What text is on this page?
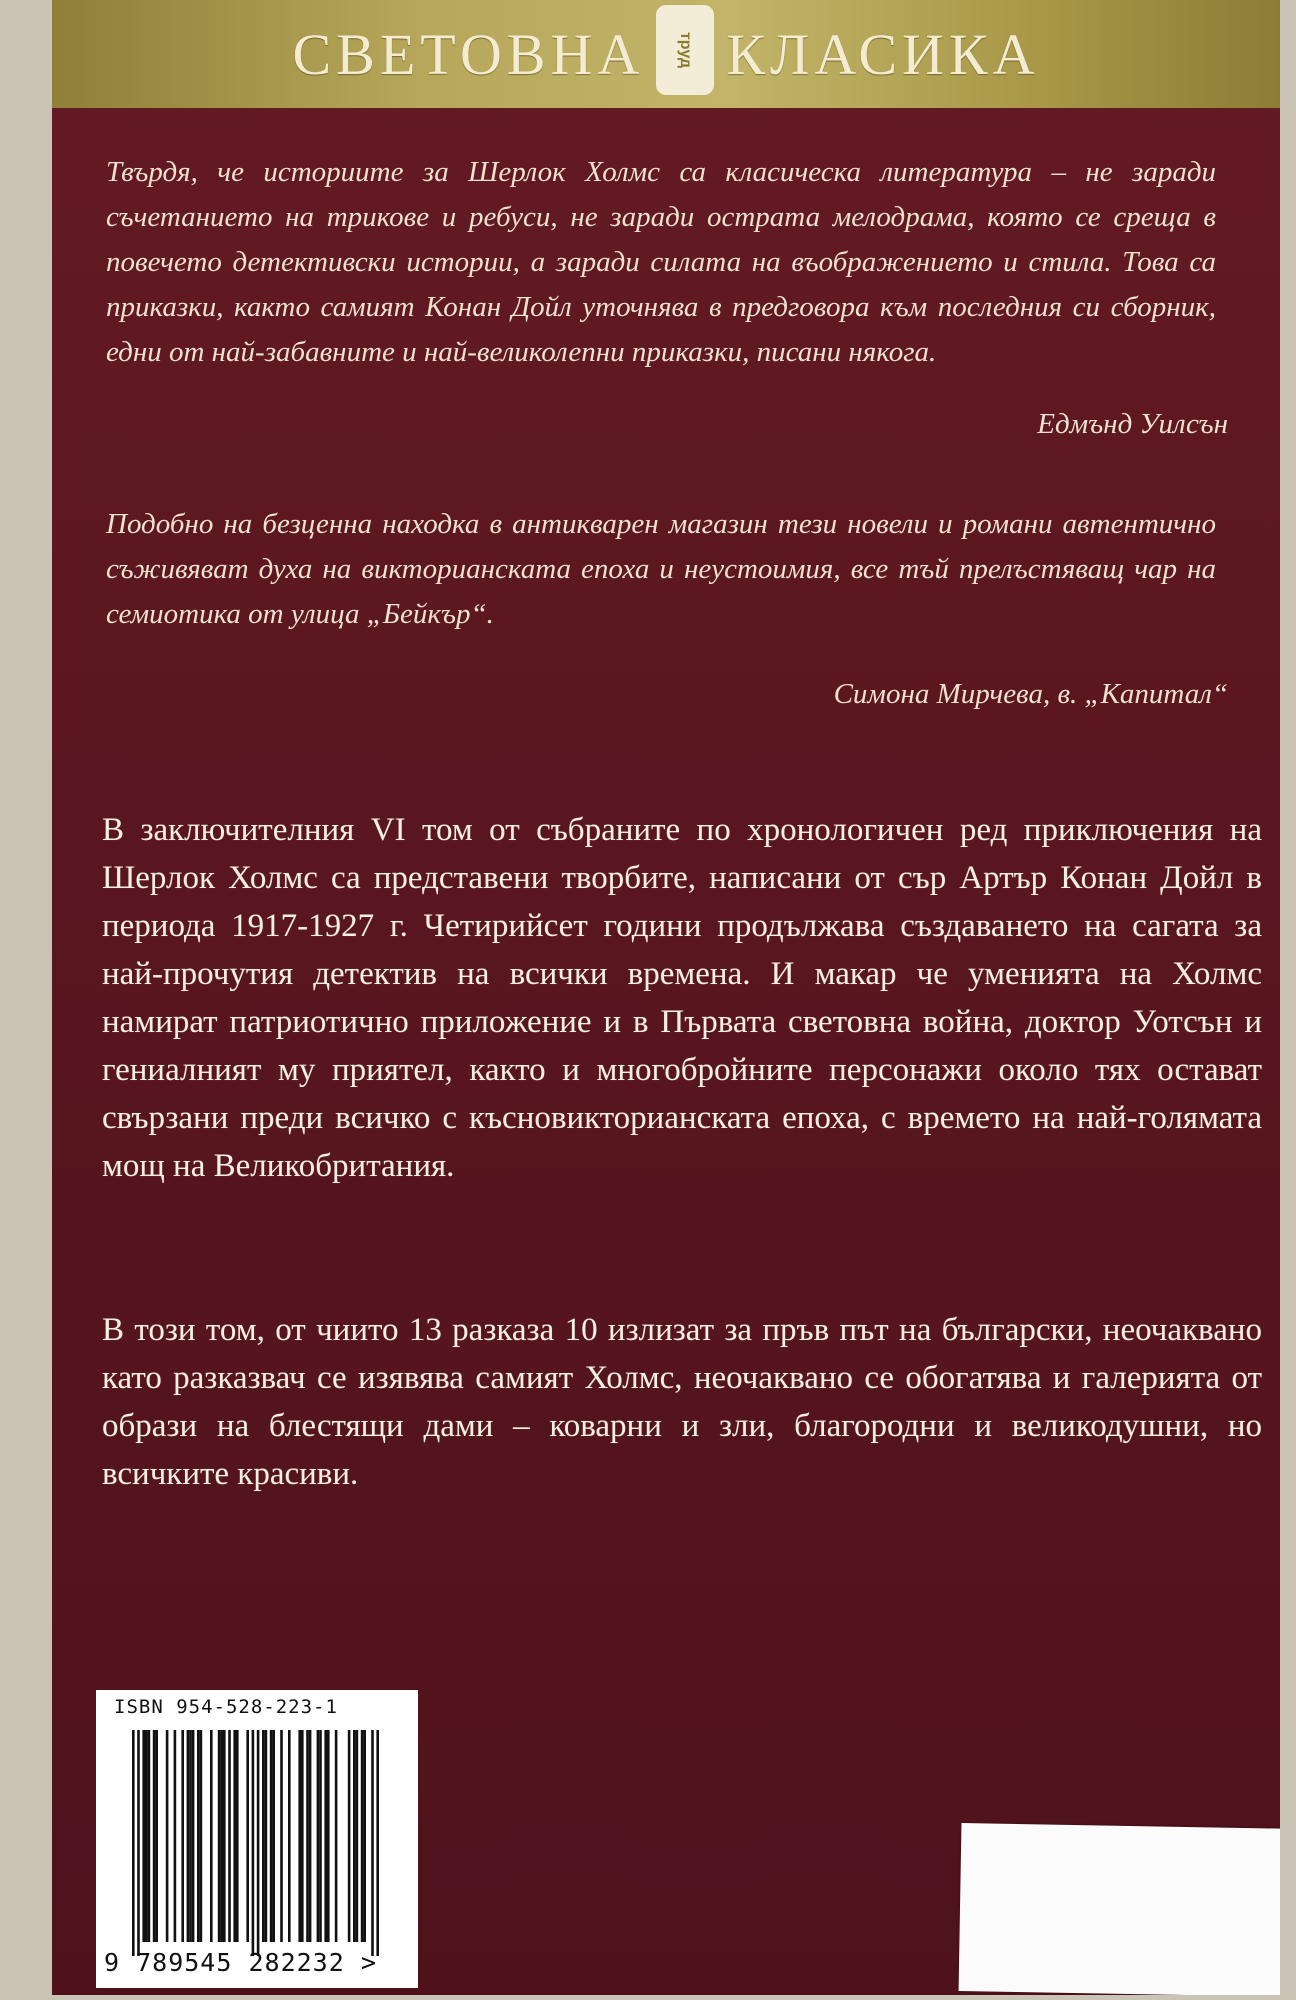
СВЕТОВНА труд КЛАСИКА
Твърдя, че историите за Шерлок Холмс са класическа литература – не заради съчетанието на трикове и ребуси, не заради острата мелодрама, която се среща в повечето детективски истории, а заради силата на въображението и стила. Това са приказки, както самият Конан Дойл уточнява в предговора към последния си сборник, едни от най-забавните и най-великолепни приказки, писани някога.
Едмънд Уилсън
Подобно на безценна находка в антикварен магазин тези новели и романи автентично съживяват духа на викторианската епоха и неустоимия, все тъй прелъстяващ чар на семиотика от улица „Бейкър“.
Симона Мирчева, в. „Капитал“
В заключителния VI том от събраните по хронологичен ред приключения на Шерлок Холмс са представени творбите, написани от сър Артър Конан Дойл в периода 1917-1927 г. Четирийсет години продължава създаването на сагата за най-прочутия детектив на всички времена. И макар че уменията на Холмс намират патриотично приложение и в Първата световна война, доктор Уотсън и гениалният му приятел, както и многобройните персонажи около тях остават свързани преди всичко с късновикторианската епоха, с времето на най-голямата мощ на Великобритания.
В този том, от чиито 13 разказа 10 излизат за пръв път на български, неочаквано като разказвач се изявява самият Холмс, неочаквано се обогатява и галерията от образи на блестящи дами – коварни и зли, благородни и великодушни, но всичките красиви.
ISBN 954-528-223-1
9 789545 282232 >
